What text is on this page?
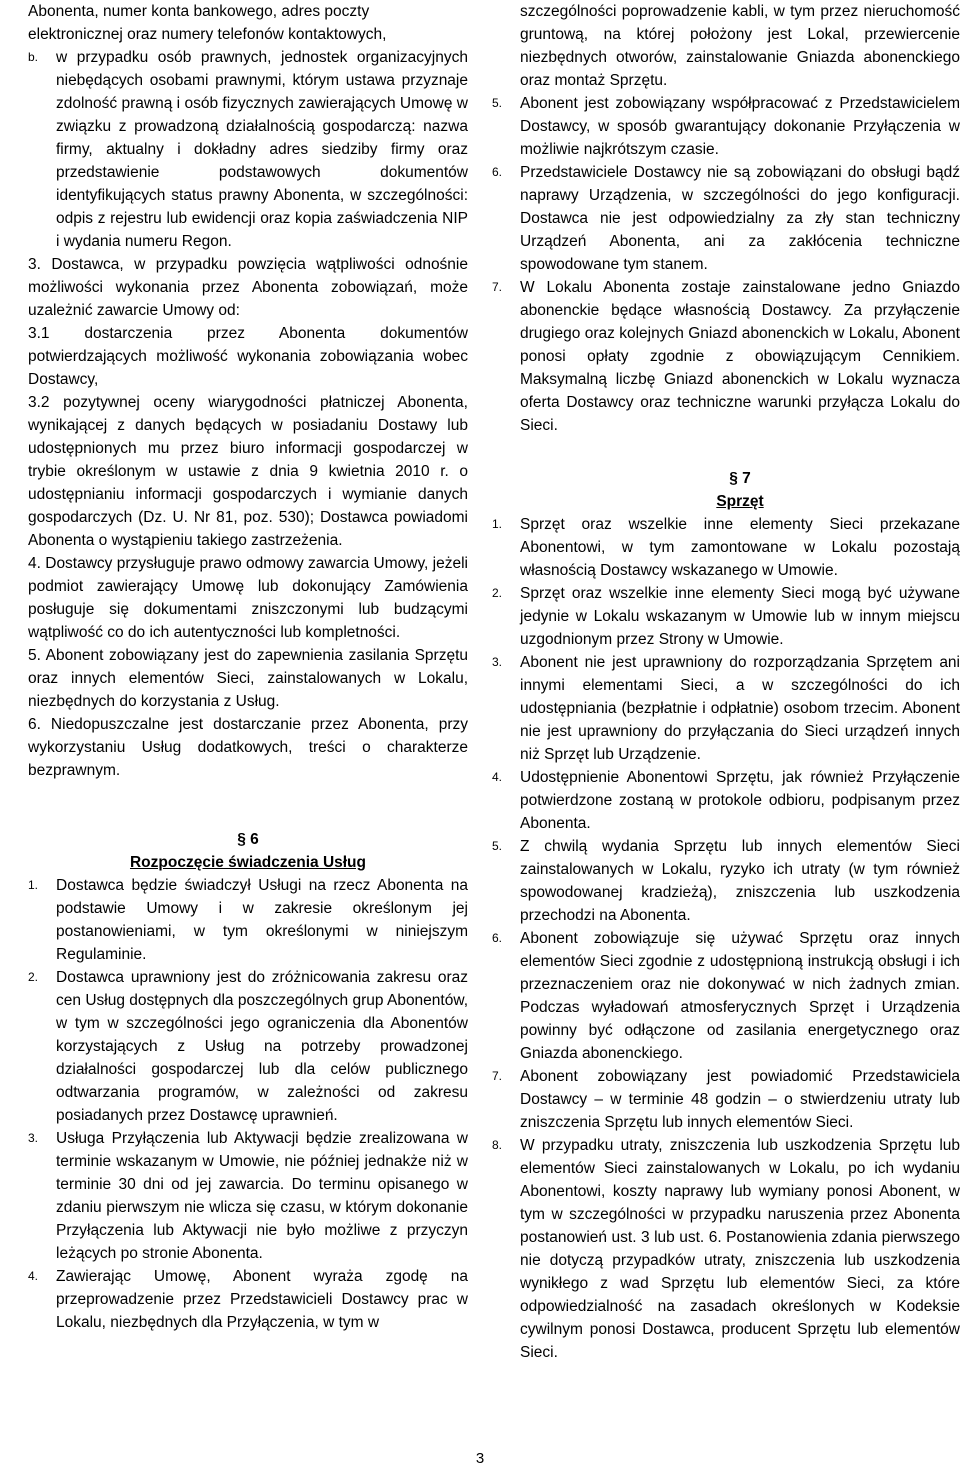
Abonenta, numer konta bankowego, adres poczty
elektronicznej oraz numery telefonów kontaktowych,
b. w przypadku osób prawnych, jednostek organizacyjnych niebędących osobami prawnymi, którym ustawa przyznaje zdolność prawną i osób fizycznych zawierających Umowę w związku z prowadzoną działalnością gospodarczą: nazwa firmy, aktualny i dokładny adres siedziby firmy oraz przedstawienie podstawowych dokumentów identyfikujących status prawny Abonenta, w szczególności: odpis z rejestru lub ewidencji oraz kopia zaświadczenia NIP i wydania numeru Regon.
3. Dostawca, w przypadku powzięcia wątpliwości odnośnie możliwości wykonania przez Abonenta zobowiązań, może uzależnić zawarcie Umowy od:
3.1 dostarczenia przez Abonenta dokumentów potwierdzających możliwość wykonania zobowiązania wobec Dostawcy,
3.2 pozytywnej oceny wiarygodności płatniczej Abonenta, wynikającej z danych będących w posiadaniu Dostawy lub udostępnionych mu przez biuro informacji gospodarczej w trybie określonym w ustawie z dnia 9 kwietnia 2010 r. o udostępnianiu informacji gospodarczych i wymianie danych gospodarczych (Dz. U. Nr 81, poz. 530); Dostawca powiadomi Abonenta o wystąpieniu takiego zastrzeżenia.
4. Dostawcy przysługuje prawo odmowy zawarcia Umowy, jeżeli podmiot zawierający Umowę lub dokonujący Zamówienia posługuje się dokumentami zniszczonymi lub budzącymi wątpliwość co do ich autentyczności lub kompletności.
5. Abonent zobowiązany jest do zapewnienia zasilania Sprzętu oraz innych elementów Sieci, zainstalowanych w Lokalu, niezbędnych do korzystania z Usług.
6. Niedopuszczalne jest dostarczanie przez Abonenta, przy wykorzystaniu Usług dodatkowych, treści o charakterze bezprawnym.
§ 6
Rozpoczęcie świadczenia Usług
1. Dostawca będzie świadczył Usługi na rzecz Abonenta na podstawie Umowy i w zakresie określonym jej postanowieniami, w tym określonymi w niniejszym Regulaminie.
2. Dostawca uprawniony jest do zróżnicowania zakresu oraz cen Usług dostępnych dla poszczególnych grup Abonentów, w tym w szczególności jego ograniczenia dla Abonentów korzystających z Usług na potrzeby prowadzonej działalności gospodarczej lub dla celów publicznego odtwarzania programów, w zależności od zakresu posiadanych przez Dostawcę uprawnień.
3. Usługa Przyłączenia lub Aktywacji będzie zrealizowana w terminie wskazanym w Umowie, nie później jednakże niż w terminie 30 dni od jej zawarcia. Do terminu opisanego w zdaniu pierwszym nie wlicza się czasu, w którym dokonanie Przyłączenia lub Aktywacji nie było możliwe z przyczyn leżących po stronie Abonenta.
4. Zawierając Umowę, Abonent wyraża zgodę na przeprowadzenie przez Przedstawicieli Dostawcy prac w Lokalu, niezbędnych dla Przyłączenia, w tym w
szczególności poprowadzenie kabli, w tym przez nieruchomość gruntową, na której położony jest Lokal, przewiercenie niezbędnych otworów, zainstalowanie Gniazda abonenckiego oraz montaż Sprzętu.
5. Abonent jest zobowiązany współpracować z Przedstawicielem Dostawcy, w sposób gwarantujący dokonanie Przyłączenia w możliwie najkrótszym czasie.
6. Przedstawiciele Dostawcy nie są zobowiązani do obsługi bądź naprawy Urządzenia, w szczególności do jego konfiguracji. Dostawca nie jest odpowiedzialny za zły stan techniczny Urządzeń Abonenta, ani za zakłócenia techniczne spowodowane tym stanem.
7. W Lokalu Abonenta zostaje zainstalowane jedno Gniazdo abonenckie będące własnością Dostawcy. Za przyłączenie drugiego oraz kolejnych Gniazd abonenckich w Lokalu, Abonent ponosi opłaty zgodnie z obowiązującym Cennikiem. Maksymalną liczbę Gniazd abonenckich w Lokalu wyznacza oferta Dostawcy oraz techniczne warunki przyłącza Lokalu do Sieci.
§ 7
Sprzęt
1. Sprzęt oraz wszelkie inne elementy Sieci przekazane Abonentowi, w tym zamontowane w Lokalu pozostają własnością Dostawcy wskazanego w Umowie.
2. Sprzęt oraz wszelkie inne elementy Sieci mogą być używane jedynie w Lokalu wskazanym w Umowie lub w innym miejscu uzgodnionym przez Strony w Umowie.
3. Abonent nie jest uprawniony do rozporządzania Sprzętem ani innymi elementami Sieci, a w szczególności do ich udostępniania (bezpłatnie i odpłatnie) osobom trzecim. Abonent nie jest uprawniony do przyłączania do Sieci urządzeń innych niż Sprzęt lub Urządzenie.
4. Udostępnienie Abonentowi Sprzętu, jak również Przyłączenie potwierdzone zostaną w protokole odbioru, podpisanym przez Abonenta.
5. Z chwilą wydania Sprzętu lub innych elementów Sieci zainstalowanych w Lokalu, ryzyko ich utraty (w tym również spowodowanej kradzieżą), zniszczenia lub uszkodzenia przechodzi na Abonenta.
6. Abonent zobowiązuje się używać Sprzętu oraz innych elementów Sieci zgodnie z udostępnioną instrukcją obsługi i ich przeznaczeniem oraz nie dokonywać w nich żadnych zmian. Podczas wyładowań atmosferycznych Sprzęt i Urządzenia powinny być odłączone od zasilania energetycznego oraz Gniazda abonenckiego.
7. Abonent zobowiązany jest powiadomić Przedstawiciela Dostawcy – w terminie 48 godzin – o stwierdzeniu utraty lub zniszczenia Sprzętu lub innych elementów Sieci.
8. W przypadku utraty, zniszczenia lub uszkodzenia Sprzętu lub elementów Sieci zainstalowanych w Lokalu, po ich wydaniu Abonentowi, koszty naprawy lub wymiany ponosi Abonent, w tym w szczególności w przypadku naruszenia przez Abonenta postanowień ust. 3 lub ust. 6. Postanowienia zdania pierwszego nie dotyczą przypadków utraty, zniszczenia lub uszkodzenia wynikłego z wad Sprzętu lub elementów Sieci, za które odpowiedzialność na zasadach określonych w Kodeksie cywilnym ponosi Dostawca, producent Sprzętu lub elementów Sieci.
3
